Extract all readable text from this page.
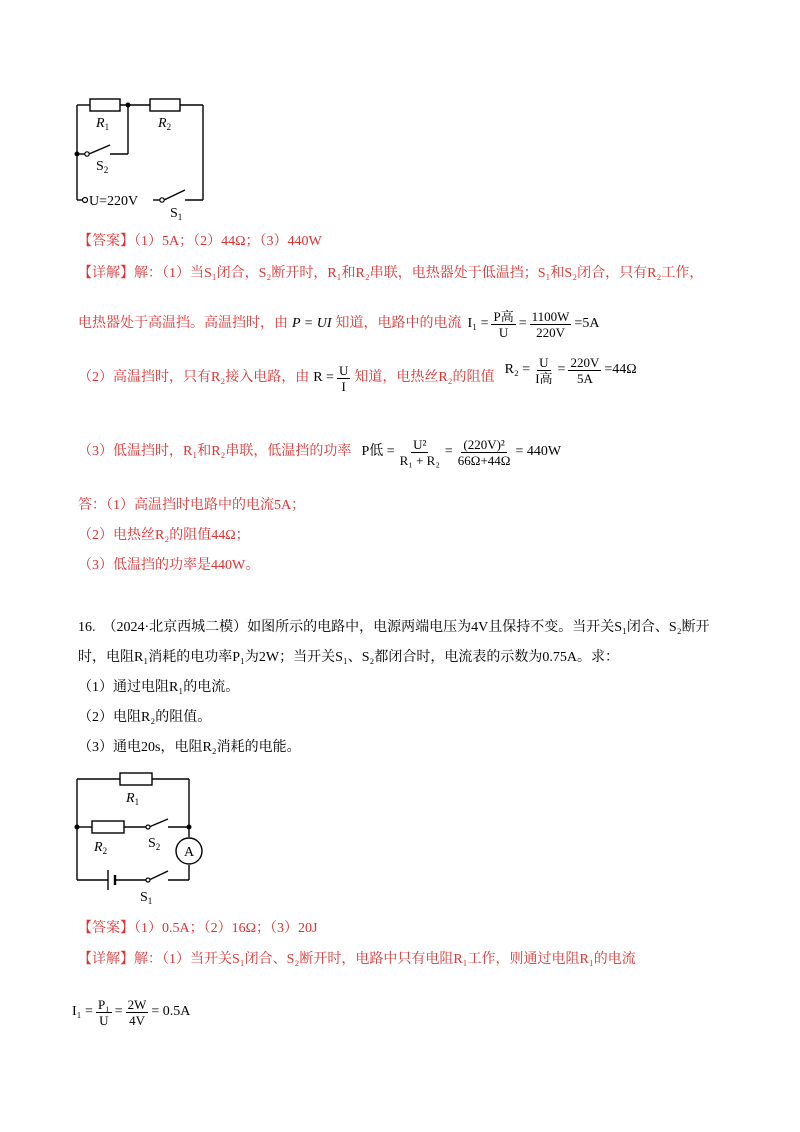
$R_1$	$R_2$
$S_2$
U=220V
$S_1$
【答案】（1）5A；（2）44Ω；（3）440W
【详解】解：（1）当S₁闭合，S₂断开时，R₁和R₂串联，电热器处于低温挡；S₁和S₂闭合，只有R₂工作，
电热器处于高温挡。高温挡时，由 P = UI 知道，电路中的电流 $I_1 = \frac{\text{P高}}{U} = \frac{1100W}{220V} =5A$
（2）高温挡时，只有R₂接入电路，由 $R = \frac{U}{I}$ 知道，电热丝R₂的阻值
$R_2 = \frac{U}{\text{I高}} = \frac{220V}{5A} =44\Omega$
（3）低温挡时，R₁和R₂串联，低温挡的功率 P低 = $\frac{\text{U²}}{\text{R₁ + R₂}} = \frac{\text{(220V)²}}{66\Omega+44\Omega} = 440W$
答：（1）高温挡时电路中的电流5A；
（2）电热丝R₂的阻值44Ω；
（3）低温挡的功率是440W。
16.　（2024·北京西城二模）如图所示的电路中，电源两端电压为4V且保持不变。当开关S₁闭合、S₂断开
时，电阻R₁消耗的电功率P₁为2W；当开关S₁、S₂都闭合时，电流表的示数为0.75A。求：
（1）通过电阻R₁的电流。
（2）电阻R₂的阻值。
（3）通电20s，电阻R₂消耗的电能。
A
$R_1$
$R_2$	$S_2$
$S_1$
【答案】（1）0.5A；（2）16Ω；（3）20J
【详解】解：（1）当开关S₁闭合、S₂断开时，电路中只有电阻R₁工作，则通过电阻R₁的电流
$I_1 = \frac{\text{P₁}}{U} = \frac{2W}{4V} = 0.5A$
